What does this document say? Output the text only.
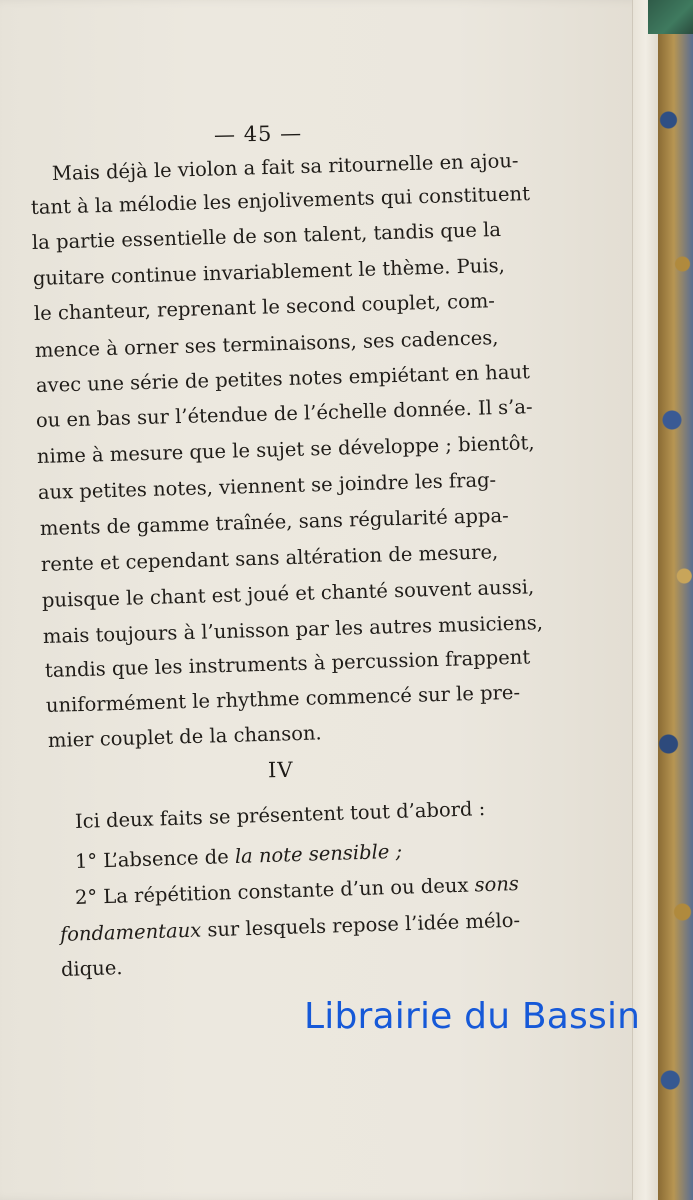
— 45 —
Mais déjà le violon a fait sa ritournelle en ajou-
tant à la mélodie les enjolivements qui constituent
la partie essentielle de son talent, tandis que la
guitare continue invariablement le thème. Puis,
le chanteur, reprenant le second couplet, com-
mence à orner ses terminaisons, ses cadences,
avec une série de petites notes empiétant en haut
ou en bas sur l’étendue de l’échelle donnée. Il s’a-
nime à mesure que le sujet se développe ; bientôt,
aux petites notes, viennent se joindre les frag-
ments de gamme traînée, sans régularité appa-
rente et cependant sans altération de mesure,
puisque le chant est joué et chanté souvent aussi,
mais toujours à l’unisson par les autres musiciens,
tandis que les instruments à percussion frappent
uniformément le rhythme commencé sur le pre-
mier couplet de la chanson.
IV
Ici deux faits se présentent tout d’abord :
1° L’absence de la note sensible ;
2° La répétition constante d’un ou deux sons
fondamentaux sur lesquels repose l’idée mélo-
dique.
Librairie du Bassin
